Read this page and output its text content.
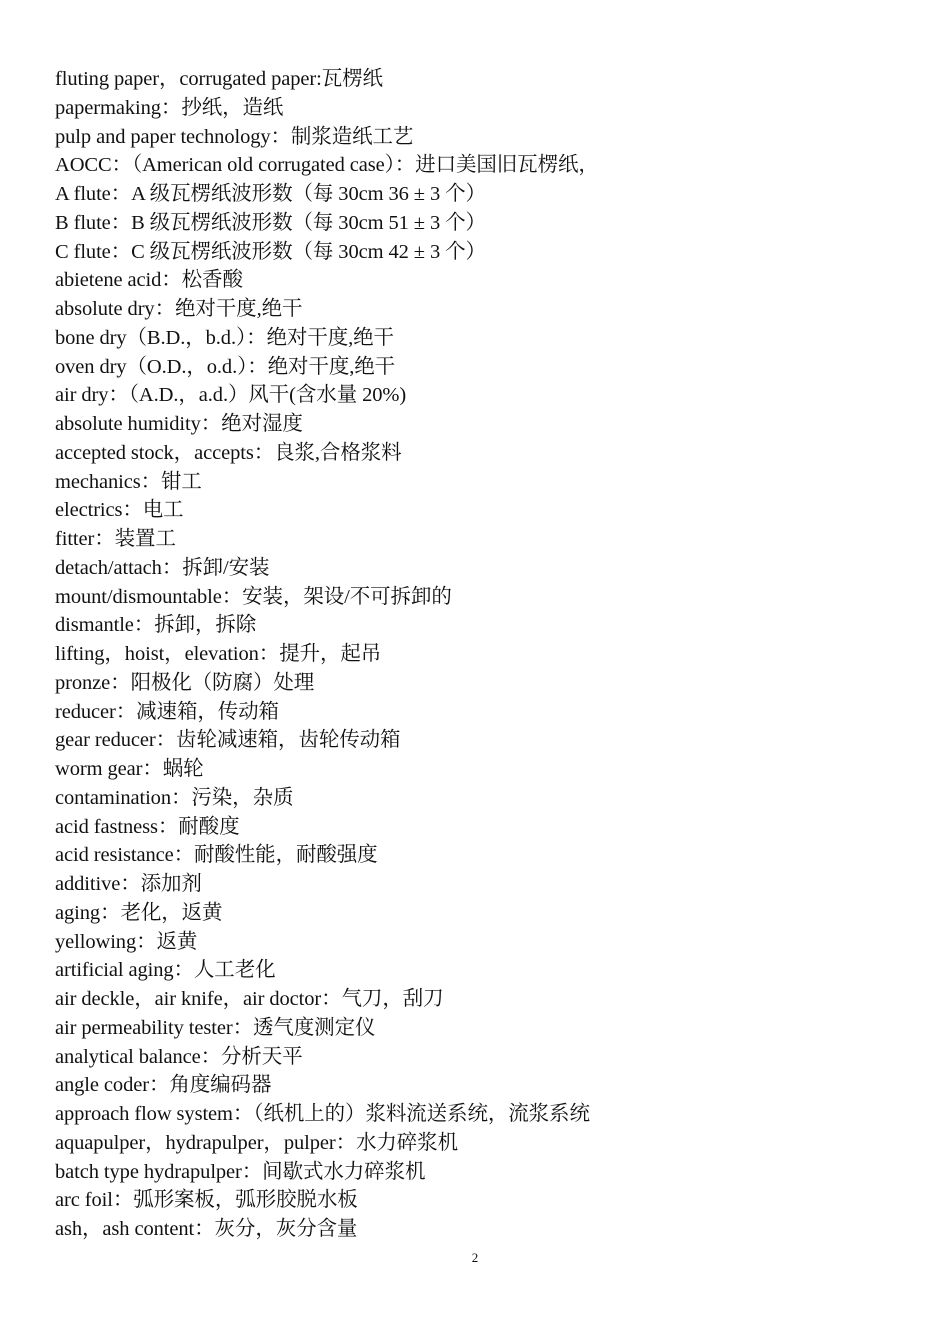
fluting paper，corrugated paper:瓦楞纸
papermaking：抄纸，造纸
pulp and paper technology：制浆造纸工艺
AOCC：（American old corrugated case）：进口美国旧瓦楞纸，
A flute：A 级瓦楞纸波形数（每 30cm 36 ± 3 个）
B flute：B 级瓦楞纸波形数（每 30cm 51 ± 3 个）
C flute：C 级瓦楞纸波形数（每 30cm 42 ± 3 个）
abietene acid：松香酸
absolute dry：绝对干度,绝干
bone dry（B.D.，b.d.）：绝对干度,绝干
oven dry（O.D.，o.d.）：绝对干度,绝干
air dry：（A.D.，a.d.）风干(含水量 20%)
absolute humidity：绝对湿度
accepted stock，accepts：良浆,合格浆料
mechanics：钳工
electrics：电工
fitter：装置工
detach/attach：拆卸/安装
mount/dismountable：安装，架设/不可拆卸的
dismantle：拆卸，拆除
lifting，hoist，elevation：提升，起吊
pronze：阳极化（防腐）处理
reducer：减速箱，传动箱
gear reducer：齿轮减速箱，齿轮传动箱
worm gear：蜗轮
contamination：污染，杂质
acid fastness：耐酸度
acid resistance：耐酸性能，耐酸强度
additive：添加剂
aging：老化，返黄
yellowing：返黄
artificial aging：人工老化
air deckle，air knife，air doctor：气刀，刮刀
air permeability tester：透气度测定仪
analytical balance：分析天平
angle coder：角度编码器
approach flow system：（纸机上的）浆料流送系统，流浆系统
aquapulper，hydrapulper，pulper：水力碎浆机
batch type hydrapulper：间歇式水力碎浆机
arc foil：弧形案板，弧形胶脱水板
ash，ash content：灰分，灰分含量
2
